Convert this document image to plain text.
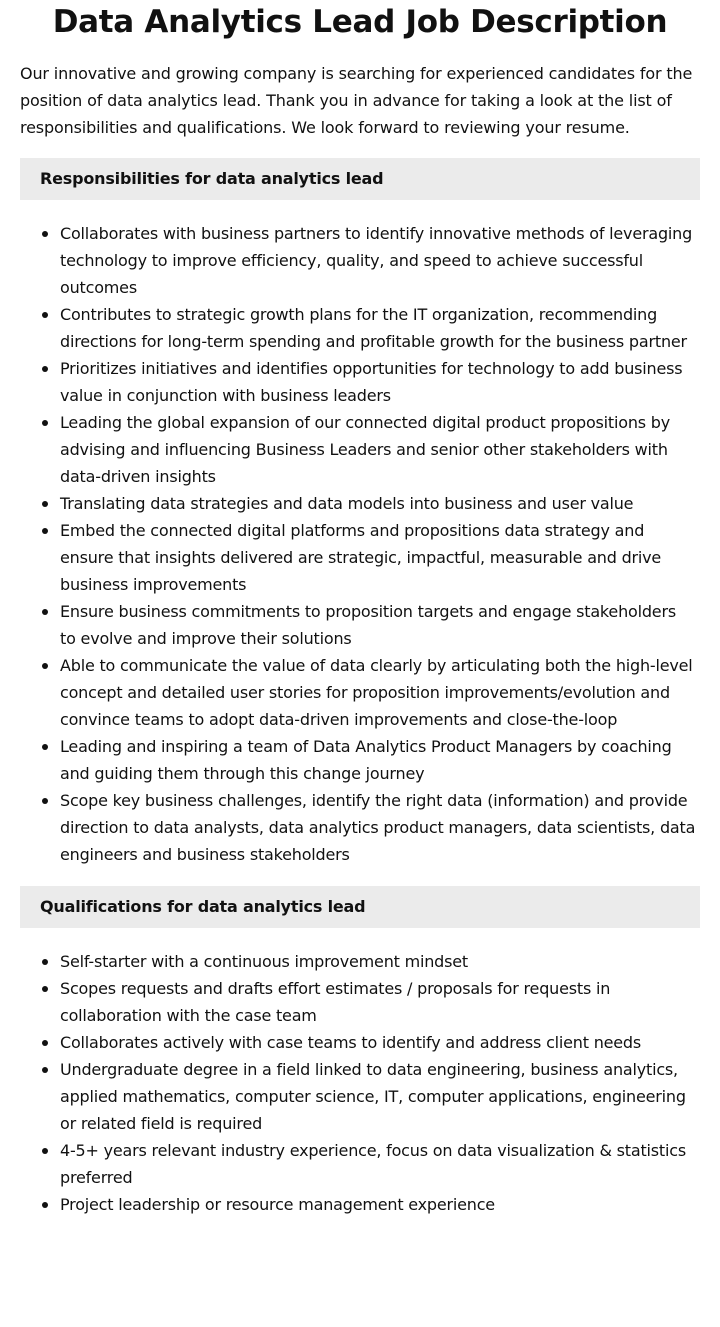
Data Analytics Lead Job Description

Our innovative and growing company is searching for experienced candidates for the position of data analytics lead. Thank you in advance for taking a look at the list of responsibilities and qualifications. We look forward to reviewing your resume.

Responsibilities for data analytics lead
Collaborates with business partners to identify innovative methods of leveraging technology to improve efficiency, quality, and speed to achieve successful outcomes
Contributes to strategic growth plans for the IT organization, recommending directions for long-term spending and profitable growth for the business partner
Prioritizes initiatives and identifies opportunities for technology to add business value in conjunction with business leaders
Leading the global expansion of our connected digital product propositions by advising and influencing Business Leaders and senior other stakeholders with data-driven insights
Translating data strategies and data models into business and user value
Embed the connected digital platforms and propositions data strategy and ensure that insights delivered are strategic, impactful, measurable and drive business improvements
Ensure business commitments to proposition targets and engage stakeholders to evolve and improve their solutions
Able to communicate the value of data clearly by articulating both the high-level concept and detailed user stories for proposition improvements/evolution and convince teams to adopt data-driven improvements and close-the-loop
Leading and inspiring a team of Data Analytics Product Managers by coaching and guiding them through this change journey
Scope key business challenges, identify the right data (information) and provide direction to data analysts, data analytics product managers, data scientists, data engineers and business stakeholders
Qualifications for data analytics lead
Self-starter with a continuous improvement mindset
Scopes requests and drafts effort estimates / proposals for requests in collaboration with the case team
Collaborates actively with case teams to identify and address client needs
Undergraduate degree in a field linked to data engineering, business analytics, applied mathematics, computer science, IT, computer applications, engineering or related field is required
4-5+ years relevant industry experience, focus on data visualization & statistics preferred
Project leadership or resource management experience
